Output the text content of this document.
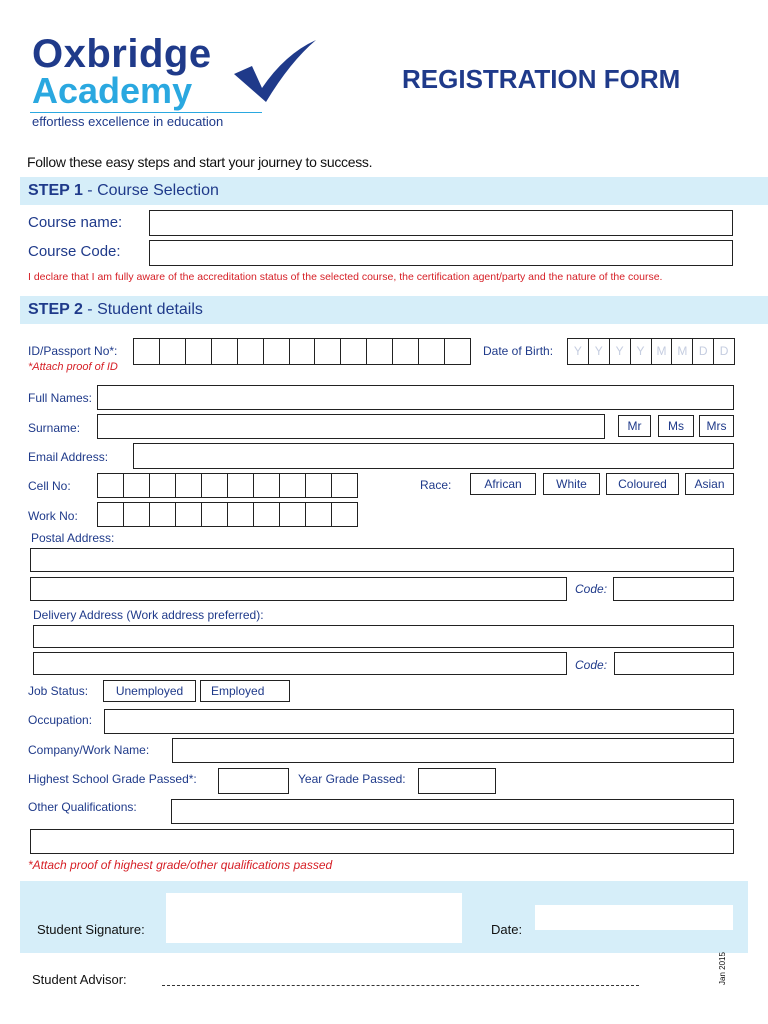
Oxbridge
Academy
effortless excellence in education
REGISTRATION FORM
Follow these easy steps and start your journey to success.
STEP 1 - Course Selection
Course name:
Course Code:
I declare that I am fully aware of the accreditation status of the selected course, the certification agent/party and the nature of the course.
STEP 2 - Student details
ID/Passport No*:
*Attach proof of ID
Date of Birth:	Y	Y	Y	Y M M D	D
Full Names:
Surname:	Mr	Ms	Mrs
Email Address:
Cell No:	Race:	African	White	Coloured	Asian
Work No:
Postal Address:
Code:
Delivery Address (Work address preferred):
Code:
Job Status:	Unemployed	Employed
Occupation:
Company/Work Name:
Highest School Grade Passed*:	Year Grade Passed:
Other Qualifications:
*Attach proof of highest grade/other qualifications passed
Student Signature:	Date:
Student Advisor:	Jan 2015
